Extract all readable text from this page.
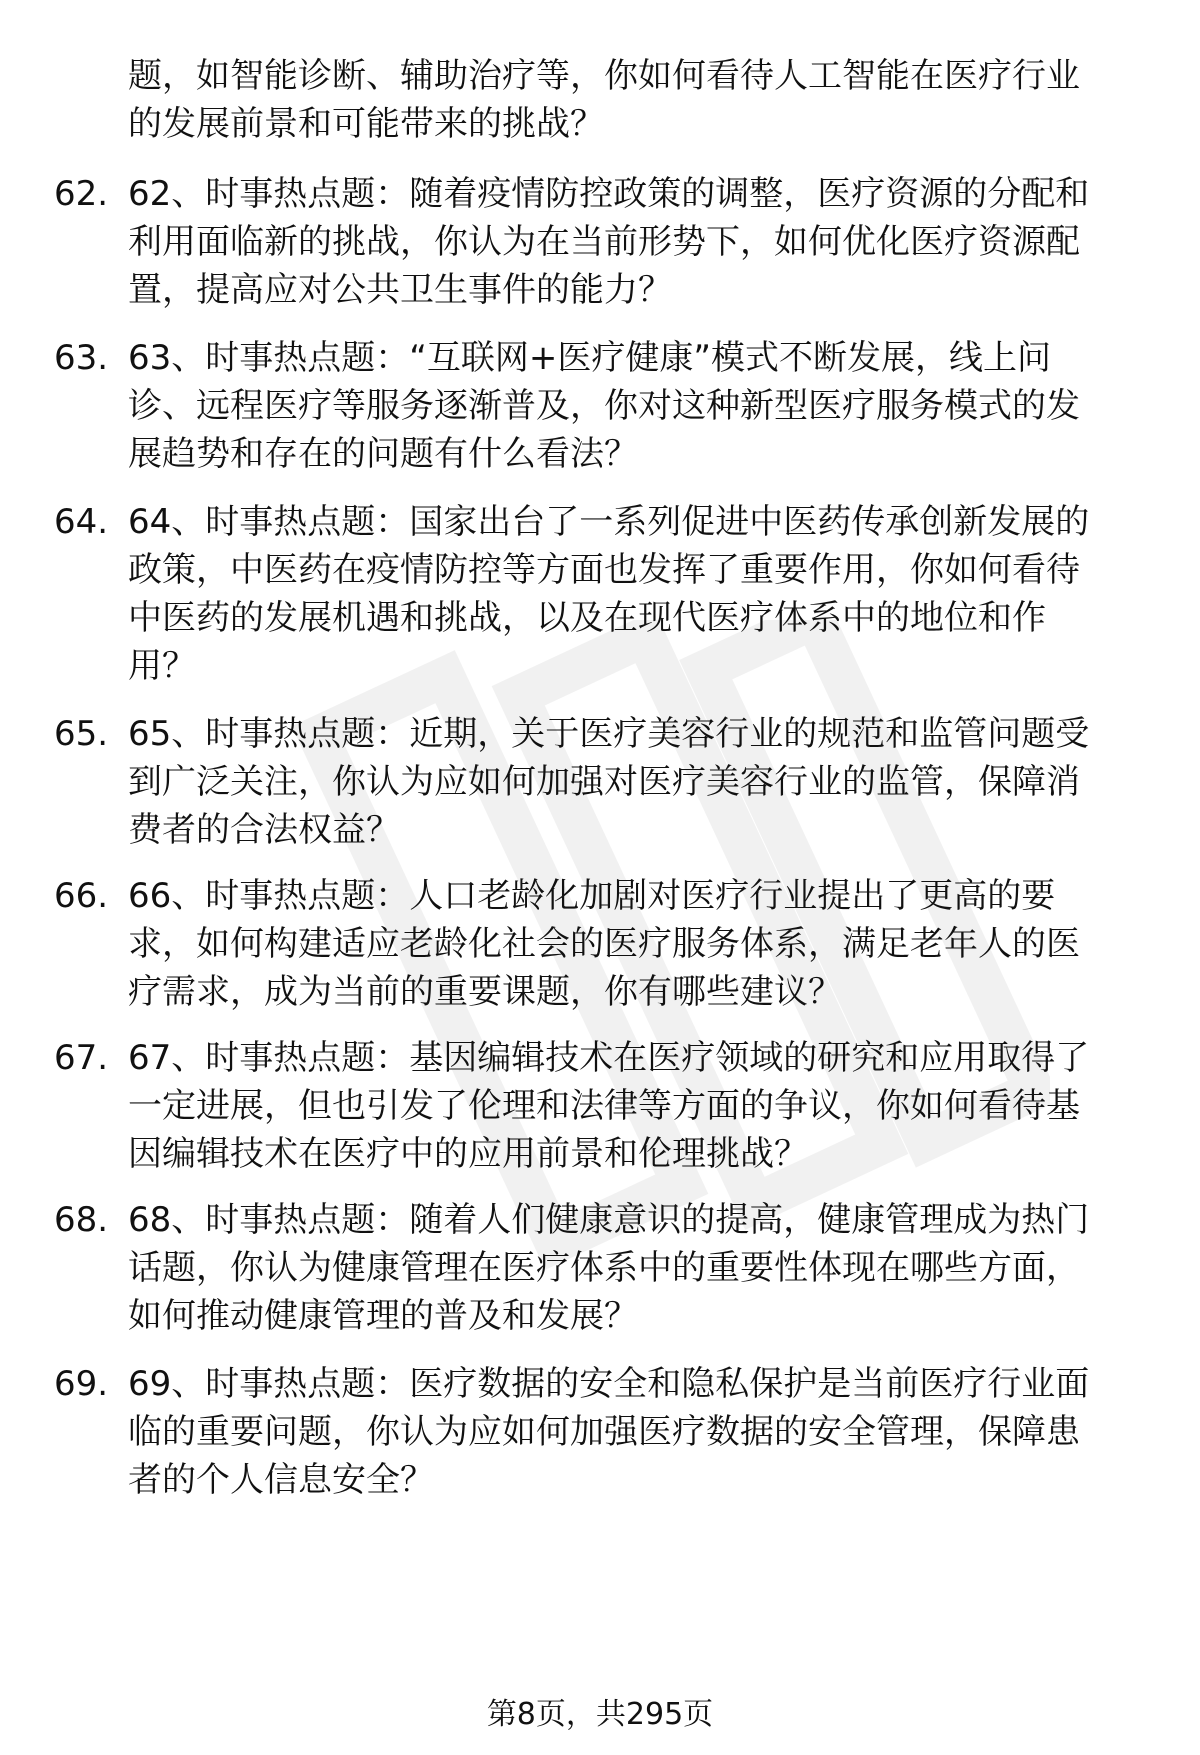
题，如智能诊断、辅助治疗等，你如何看待人工智能在医疗行业
的发展前景和可能带来的挑战？
62. 62、时事热点题：随着疫情防控政策的调整，医疗资源的分配和
利用面临新的挑战，你认为在当前形势下，如何优化医疗资源配
置，提高应对公共卫生事件的能力？
63. 63、时事热点题：“互联网+医疗健康”模式不断发展，线上问
诊、远程医疗等服务逐渐普及，你对这种新型医疗服务模式的发
展趋势和存在的问题有什么看法？
64. 64、时事热点题：国家出台了一系列促进中医药传承创新发展的
政策，中医药在疫情防控等方面也发挥了重要作用，你如何看待
中医药的发展机遇和挑战，以及在现代医疗体系中的地位和作
用？
65. 65、时事热点题：近期，关于医疗美容行业的规范和监管问题受
到广泛关注，你认为应如何加强对医疗美容行业的监管，保障消
费者的合法权益？
66. 66、时事热点题：人口老龄化加剧对医疗行业提出了更高的要
求，如何构建适应老龄化社会的医疗服务体系，满足老年人的医
疗需求，成为当前的重要课题，你有哪些建议？
67. 67、时事热点题：基因编辑技术在医疗领域的研究和应用取得了
一定进展，但也引发了伦理和法律等方面的争议，你如何看待基
因编辑技术在医疗中的应用前景和伦理挑战？
68. 68、时事热点题：随着人们健康意识的提高，健康管理成为热门
话题，你认为健康管理在医疗体系中的重要性体现在哪些方面，
如何推动健康管理的普及和发展？
69. 69、时事热点题：医疗数据的安全和隐私保护是当前医疗行业面
临的重要问题，你认为应如何加强医疗数据的安全管理，保障患
者的个人信息安全？
第8页，共295页
